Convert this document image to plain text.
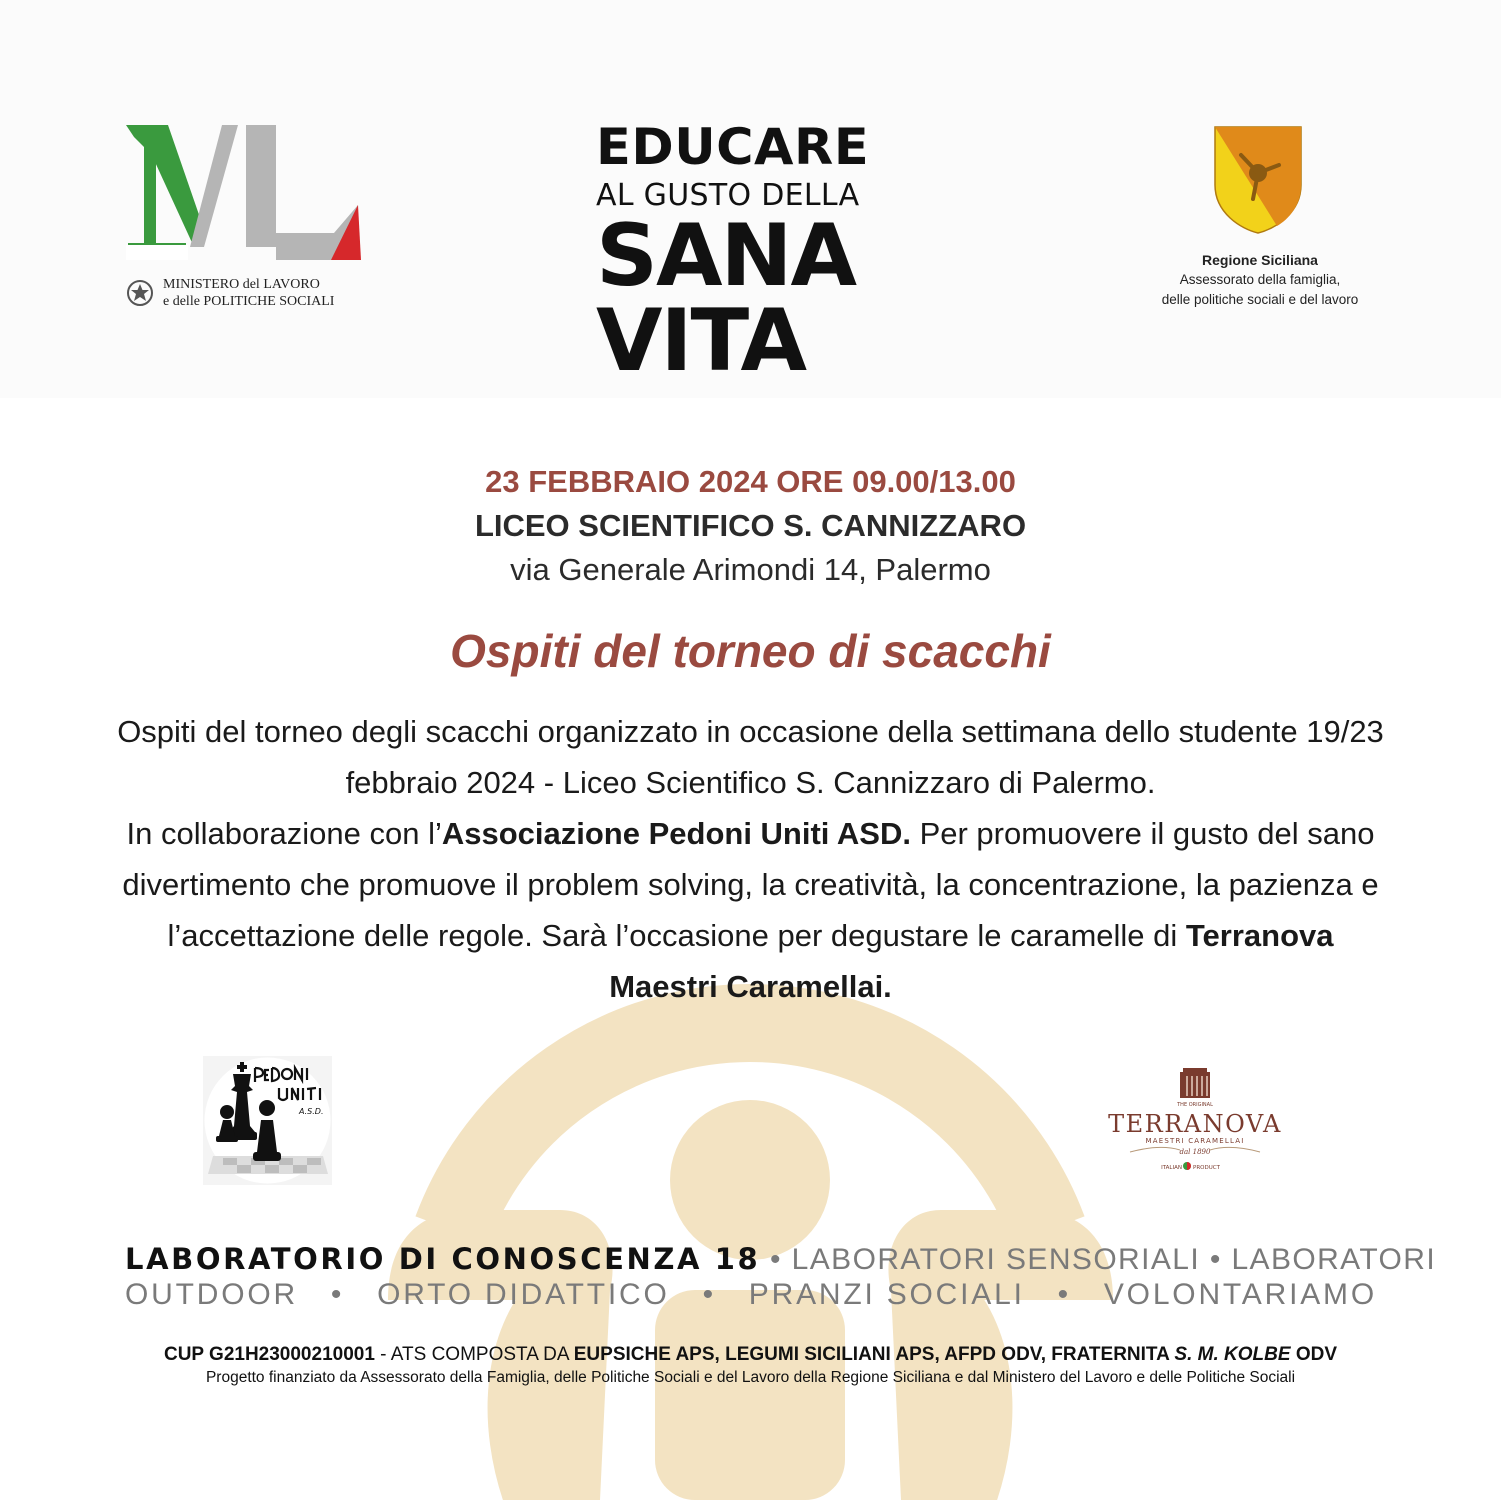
MINISTERO del LAVORO
e delle POLITICHE SOCIALI
EDUCARE
AL GUSTO DELLA
SANA
VITA
Regione Siciliana
Assessorato della famiglia,
delle politiche sociali e del lavoro
23 FEBBRAIO 2024 ORE 09.00/13.00
LICEO SCIENTIFICO S. CANNIZZARO
via Generale Arimondi 14, Palermo
Ospiti del torneo di scacchi
Ospiti del torneo degli scacchi organizzato in occasione della settimana dello studente 19/23 febbraio 2024 - Liceo Scientifico S. Cannizzaro di Palermo.
In collaborazione con l’Associazione Pedoni Uniti ASD. Per promuovere il gusto del sano divertimento che promuove il problem solving, la creatività, la concentrazione, la pazienza e l’accettazione delle regole. Sarà l’occasione per degustare le caramelle di Terranova Maestri Caramellai.
A.S.D.
THE ORIGINAL
TERRANOVA
MAESTRI CARAMELLAI
dal 1890
ITALIAN PRODUCT
LABORATORIO DI CONOSCENZA 18 • LABORATORI SENSORIALI • LABORATORI
OUTDOOR • ORTO DIDATTICO • PRANZI SOCIALI • VOLONTARIAMO
CUP G21H23000210001 - ATS COMPOSTA DA EUPSICHE APS, LEGUMI SICILIANI APS, AFPD ODV, FRATERNITA S. M. KOLBE ODV
Progetto finanziato da Assessorato della Famiglia, delle Politiche Sociali e del Lavoro della Regione Siciliana e dal Ministero del Lavoro e delle Politiche Sociali
